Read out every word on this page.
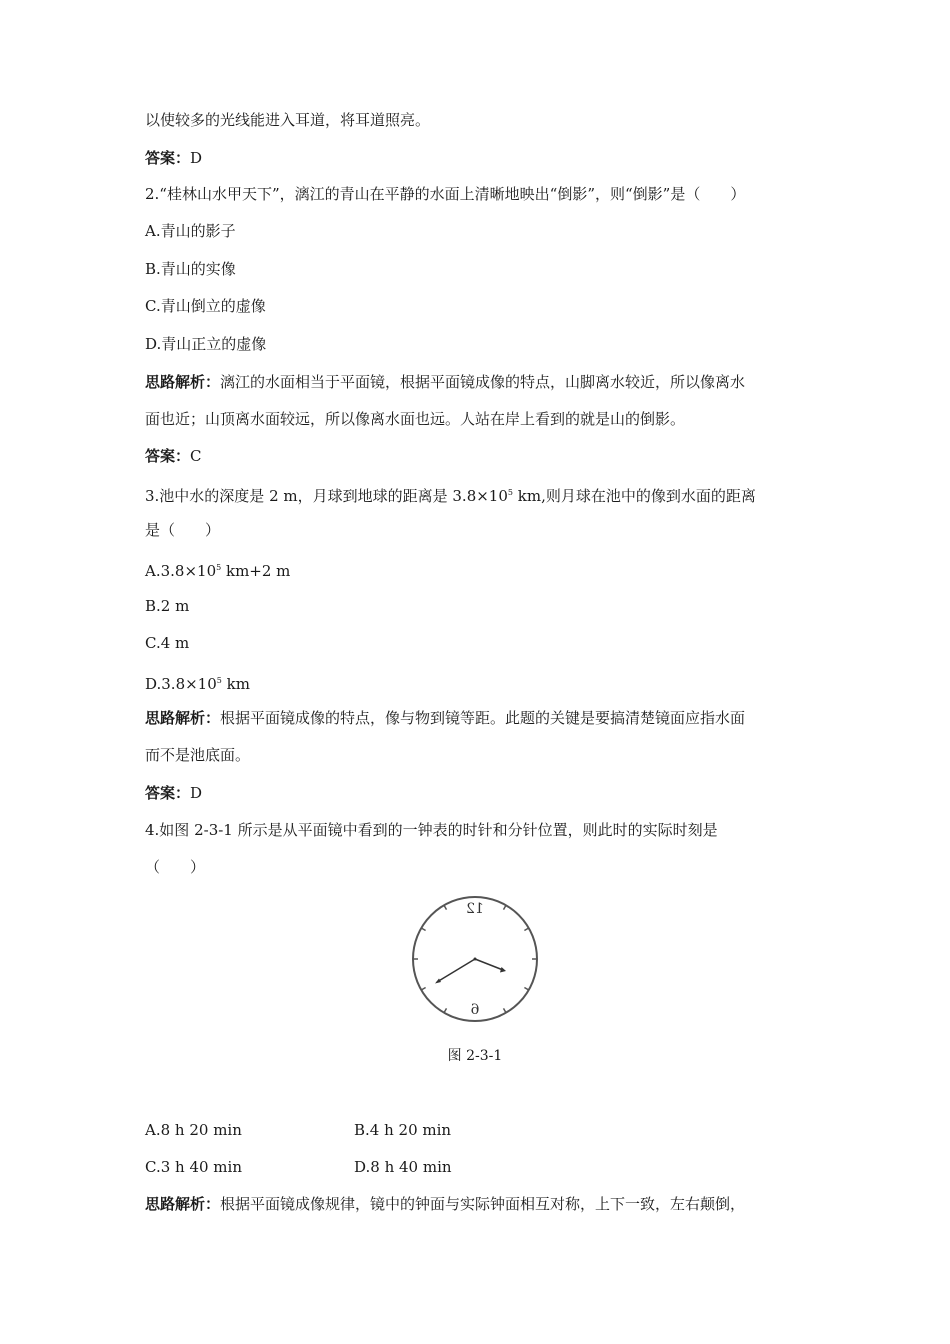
以使较多的光线能进入耳道，将耳道照亮。
答案：D
2.“桂林山水甲天下”，漓江的青山在平静的水面上清晰地映出“倒影”，则“倒影”是（　　）
A.青山的影子
B.青山的实像
C.青山倒立的虚像
D.青山正立的虚像
思路解析：漓江的水面相当于平面镜，根据平面镜成像的特点，山脚离水较近，所以像离水
面也近；山顶离水面较远，所以像离水面也远。人站在岸上看到的就是山的倒影。
答案：C
3.池中水的深度是 2 m，月球到地球的距离是 $3.8\times 10^5$ km,则月球在池中的像到水面的距离
是（　　）
$A.3.8\times 10^5$ km+2 m
B.2 m
C.4 m
$D.3.8\times 10^5$ km
思路解析：根据平面镜成像的特点，像与物到镜等距。此题的关键是要搞清楚镜面应指水面
而不是池底面。
答案：D
4.如图 2-3-1 所示是从平面镜中看到的一钟表的时针和分针位置，则此时的实际时刻是
（　　）
12
6
图 2-3-1
A.8 h 20 min	B.4 h 20 min
C.3 h 40 min	D.8 h 40 min
思路解析：根据平面镜成像规律，镜中的钟面与实际钟面相互对称，上下一致，左右颠倒，
